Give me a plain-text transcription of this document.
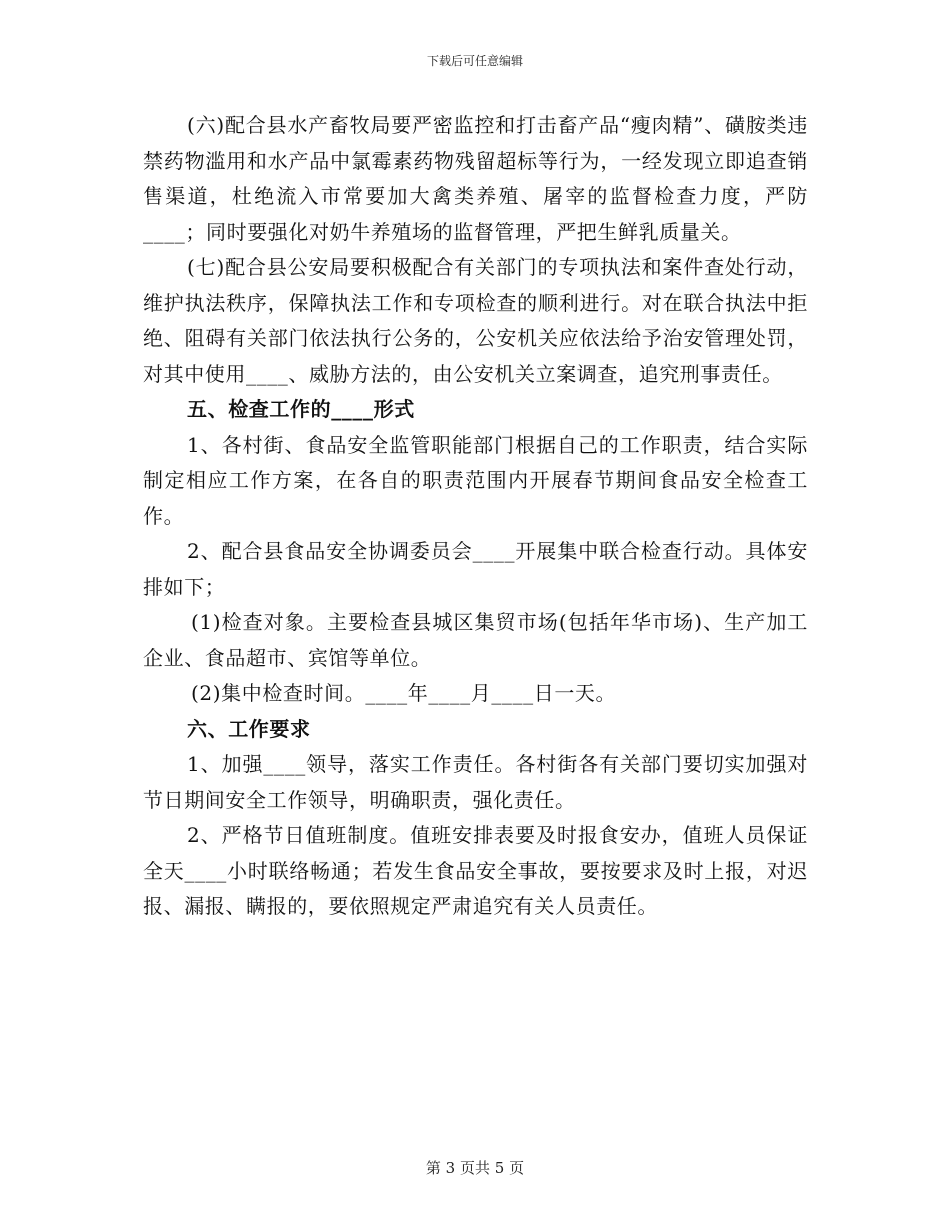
下载后可任意编辑

(六)配合县水产畜牧局要严密监控和打击畜产品“瘦肉精”、磺胺类违禁药物滥用和水产品中氯霉素药物残留超标等行为，一经发现立即追查销售渠道，杜绝流入市常要加大禽类养殖、屠宰的监督检查力度，严防____；同时要强化对奶牛养殖场的监督管理，严把生鲜乳质量关。

(七)配合县公安局要积极配合有关部门的专项执法和案件查处行动，维护执法秩序，保障执法工作和专项检查的顺利进行。对在联合执法中拒绝、阻碍有关部门依法执行公务的，公安机关应依法给予治安管理处罚，对其中使用____、威胁方法的，由公安机关立案调查，追究刑事责任。

五、检查工作的____形式

1、各村街、食品安全监管职能部门根据自己的工作职责，结合实际制定相应工作方案，在各自的职责范围内开展春节期间食品安全检查工作。

2、配合县食品安全协调委员会____开展集中联合检查行动。具体安排如下；

(1)检查对象。主要检查县城区集贸市场(包括年华市场)、生产加工企业、食品超市、宾馆等单位。

(2)集中检查时间。____年____月____日一天。

六、工作要求

1、加强____领导，落实工作责任。各村街各有关部门要切实加强对节日期间安全工作领导，明确职责，强化责任。

2、严格节日值班制度。值班安排表要及时报食安办，值班人员保证全天____小时联络畅通；若发生食品安全事故，要按要求及时上报，对迟报、漏报、瞒报的，要依照规定严肃追究有关人员责任。

第 3 页共 5 页
